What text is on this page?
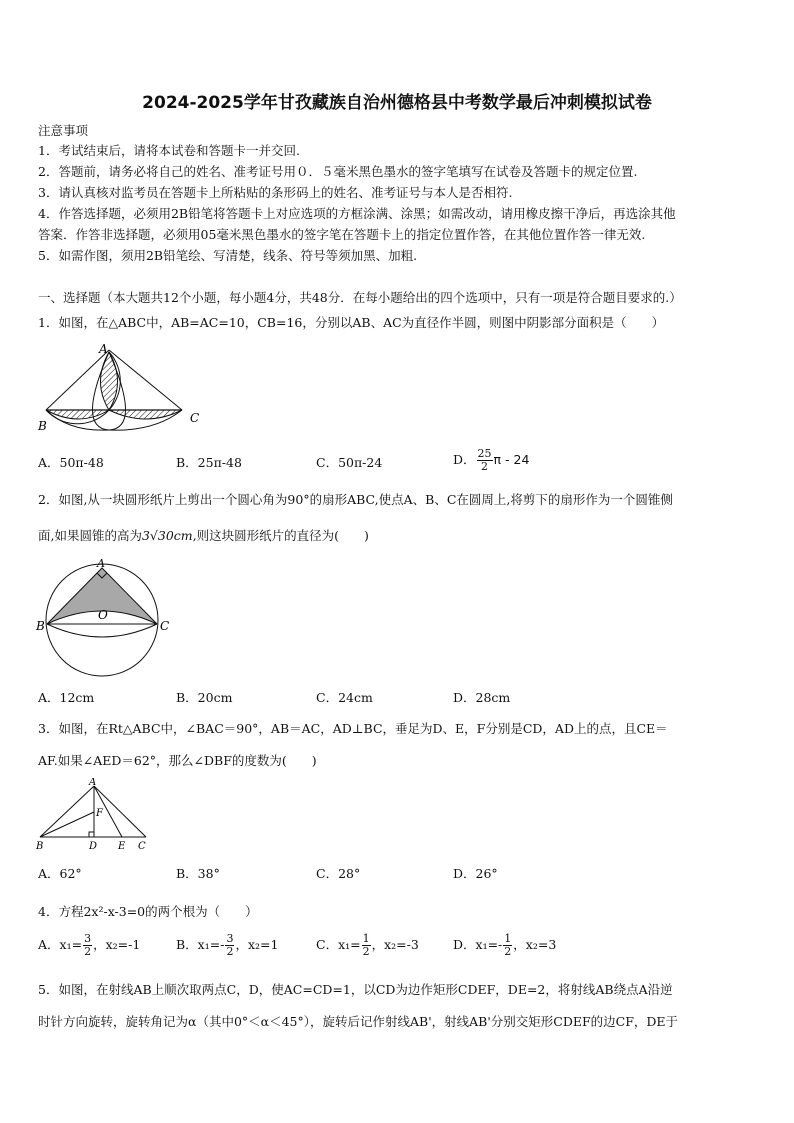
2024-2025学年甘孜藏族自治州德格县中考数学最后冲刺模拟试卷
注意事项
1．考试结束后，请将本试卷和答题卡一并交回.
2．答题前，请务必将自己的姓名、准考证号用０．５毫米黑色墨水的签字笔填写在试卷及答题卡的规定位置.
3．请认真核对监考员在答题卡上所粘贴的条形码上的姓名、准考证号与本人是否相符.
4．作答选择题，必须用2B铅笔将答题卡上对应选项的方框涂满、涂黑；如需改动，请用橡皮擦干净后，再选涂其他
答案．作答非选择题，必须用05毫米黑色墨水的签字笔在答题卡上的指定位置作答，在其他位置作答一律无效.
5．如需作图，须用2B铅笔绘、写清楚，线条、符号等须加黑、加粗.
一、选择题（本大题共12个小题，每小题4分，共48分．在每小题给出的四个选项中，只有一项是符合题目要求的.）
1．如图，在△ABC中，AB=AC=10，CB=16，分别以AB、AC为直径作半圆，则图中阴影部分面积是（　　）
A
B
C
A．50π-48	B．25π-48	C．50π-24	D． $\frac{25}{2}$ π - 24
2．如图,从一块圆形纸片上剪出一个圆心角为90°的扇形ABC,使点A、B、C在圆周上,将剪下的扇形作为一个圆锥侧
面,如果圆锥的高为3√30cm,则这块圆形纸片的直径为(　　)
A
B	C
O
A．12cm	B．20cm	C．24cm	D．28cm
3．如图，在Rt△ABC中，∠BAC＝90°，AB＝AC，AD⊥BC，垂足为D、E，F分别是CD，AD上的点，且CE＝
AF.如果∠AED＝62°，那么∠DBF的度数为(　　)
A
B	D E C
F
A．62°	B．38°	C．28°	D．26°
4．方程2x²-x-3=0的两个根为（　　）
A．$x_1= \frac{3}{2}$ ，x₂=-1	B．$x_1=- \frac{3}{2}$ ，x₂=1	C．$x_1= \frac{1}{2}$ ，x₂=-3	D．$x_1=- \frac{1}{2}$ ，x₂=3
5．如图，在射线AB上顺次取两点C，D，使AC=CD=1，以CD为边作矩形CDEF，DE=2，将射线AB绕点A沿逆
时针方向旋转，旋转角记为α（其中0°＜α＜45°），旋转后记作射线AB'，射线AB'分别交矩形CDEF的边CF，DE于
